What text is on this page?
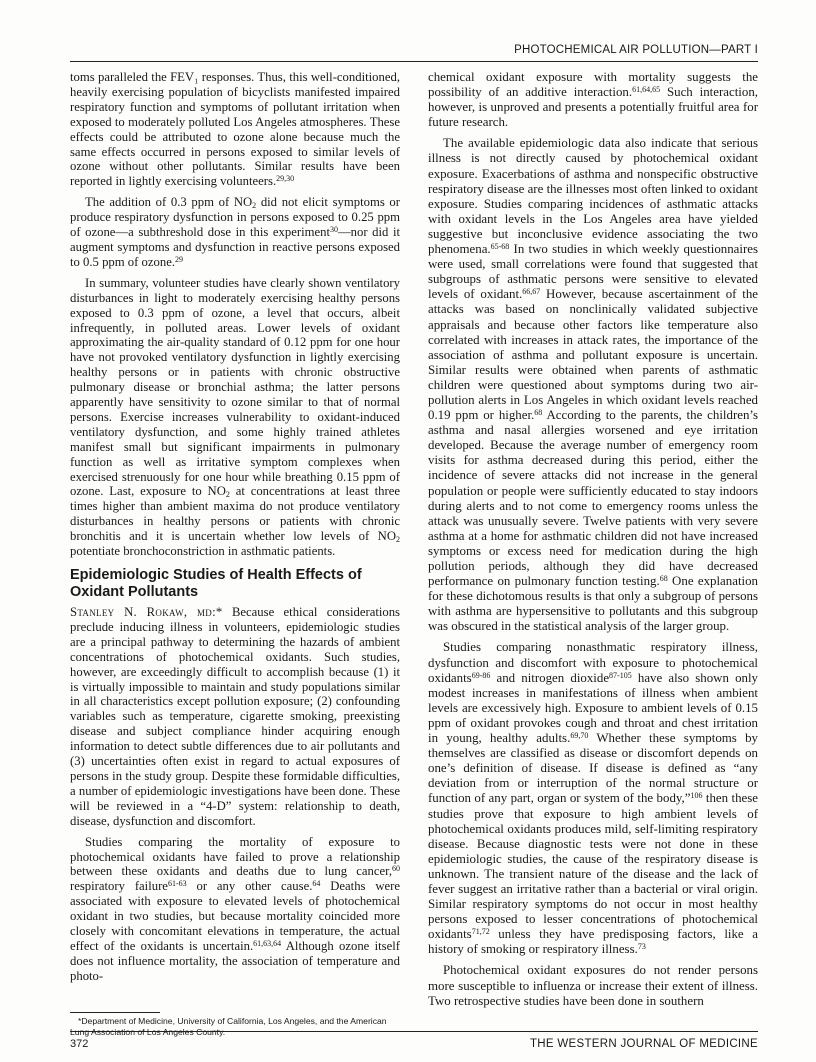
PHOTOCHEMICAL AIR POLLUTION—PART I

toms paralleled the FEV₁ responses. Thus, this well-conditioned, heavily exercising population of bicyclists manifested impaired respiratory function and symptoms of pollutant irritation when exposed to moderately polluted Los Angeles atmospheres. These effects could be attributed to ozone alone because much the same effects occurred in persons exposed to similar levels of ozone without other pollutants. Similar results have been reported in lightly exercising volunteers.$^{29,30}$

The addition of 0.3 ppm of $NO_2$ did not elicit symptoms or produce respiratory dysfunction in persons exposed to 0.25 ppm of ozone—a subthreshold dose in this experiment$^{30}$—nor did it augment symptoms and dysfunction in reactive persons exposed to 0.5 ppm of ozone.$^{29}$

In summary, volunteer studies have clearly shown ventilatory disturbances in light to moderately exercising healthy persons exposed to 0.3 ppm of ozone, a level that occurs, albeit infrequently, in polluted areas. Lower levels of oxidant approximating the air-quality standard of 0.12 ppm for one hour have not provoked ventilatory dysfunction in lightly exercising healthy persons or in patients with chronic obstructive pulmonary disease or bronchial asthma; the latter persons apparently have sensitivity to ozone similar to that of normal persons. Exercise increases vulnerability to oxidant-induced ventilatory dysfunction, and some highly trained athletes manifest small but significant impairments in pulmonary function as well as irritative symptom complexes when exercised strenuously for one hour while breathing 0.15 ppm of ozone. Last, exposure to $NO_2$ at concentrations at least three times higher than ambient maxima do not produce ventilatory disturbances in healthy persons or patients with chronic bronchitis and it is uncertain whether low levels of $NO_2$ potentiate bronchoconstriction in asthmatic patients.

Epidemiologic Studies of Health Effects of Oxidant Pollutants

Stanley N. Rokaw, md:* Because ethical considerations preclude inducing illness in volunteers, epidemiologic studies are a principal pathway to determining the hazards of ambient concentrations of photochemical oxidants. Such studies, however, are exceedingly difficult to accomplish because (1) it is virtually impossible to maintain and study populations similar in all characteristics except pollution exposure; (2) confounding variables such as temperature, cigarette smoking, preexisting disease and subject compliance hinder acquiring enough information to detect subtle differences due to air pollutants and (3) uncertainties often exist in regard to actual exposures of persons in the study group. Despite these formidable difficulties, a number of epidemiologic investigations have been done. These will be reviewed in a “4-D” system: relationship to death, disease, dysfunction and discomfort.

Studies comparing the mortality of exposure to photochemical oxidants have failed to prove a relationship between these oxidants and deaths due to lung cancer,$^{60}$ respiratory failure$^{61-63}$ or any other cause.$^{64}$ Deaths were associated with exposure to elevated levels of photochemical oxidant in two studies, but because mortality coincided more closely with concomitant elevations in temperature, the actual effect of the oxidants is uncertain.$^{61,63,64}$ Although ozone itself does not influence mortality, the association of temperature and photo-

chemical oxidant exposure with mortality suggests the possibility of an additive interaction.$^{61,64,65}$ Such interaction, however, is unproved and presents a potentially fruitful area for future research.

The available epidemiologic data also indicate that serious illness is not directly caused by photochemical oxidant exposure. Exacerbations of asthma and nonspecific obstructive respiratory disease are the illnesses most often linked to oxidant exposure. Studies comparing incidences of asthmatic attacks with oxidant levels in the Los Angeles area have yielded suggestive but inconclusive evidence associating the two phenomena.$^{65-68}$ In two studies in which weekly questionnaires were used, small correlations were found that suggested that subgroups of asthmatic persons were sensitive to elevated levels of oxidant.$^{66,67}$ However, because ascertainment of the attacks was based on nonclinically validated subjective appraisals and because other factors like temperature also correlated with increases in attack rates, the importance of the association of asthma and pollutant exposure is uncertain. Similar results were obtained when parents of asthmatic children were questioned about symptoms during two air-pollution alerts in Los Angeles in which oxidant levels reached 0.19 ppm or higher.$^{68}$ According to the parents, the children’s asthma and nasal allergies worsened and eye irritation developed. Because the average number of emergency room visits for asthma decreased during this period, either the incidence of severe attacks did not increase in the general population or people were sufficiently educated to stay indoors during alerts and to not come to emergency rooms unless the attack was unusually severe. Twelve patients with very severe asthma at a home for asthmatic children did not have increased symptoms or excess need for medication during the high pollution periods, although they did have decreased performance on pulmonary function testing.$^{68}$ One explanation for these dichotomous results is that only a subgroup of persons with asthma are hypersensitive to pollutants and this subgroup was obscured in the statistical analysis of the larger group.

Studies comparing nonasthmatic respiratory illness, dysfunction and discomfort with exposure to photochemical oxidants$^{69-86}$ and nitrogen dioxide$^{87-105}$ have also shown only modest increases in manifestations of illness when ambient levels are excessively high. Exposure to ambient levels of 0.15 ppm of oxidant provokes cough and throat and chest irritation in young, healthy adults.$^{69,70}$ Whether these symptoms by themselves are classified as disease or discomfort depends on one’s definition of disease. If disease is defined as “any deviation from or interruption of the normal structure or function of any part, organ or system of the body,”$^{106}$ then these studies prove that exposure to high ambient levels of photochemical oxidants produces mild, self-limiting respiratory disease. Because diagnostic tests were not done in these epidemiologic studies, the cause of the respiratory disease is unknown. The transient nature of the disease and the lack of fever suggest an irritative rather than a bacterial or viral origin. Similar respiratory symptoms do not occur in most healthy persons exposed to lesser concentrations of photochemical oxidants$^{71,72}$ unless they have predisposing factors, like a history of smoking or respiratory illness.$^{73}$

Photochemical oxidant exposures do not render persons more susceptible to influenza or increase their extent of illness. Two retrospective studies have been done in southern

*Department of Medicine, University of California, Los Angeles, and the American Lung Association of Los Angeles County.
372	THE WESTERN JOURNAL OF MEDICINE
